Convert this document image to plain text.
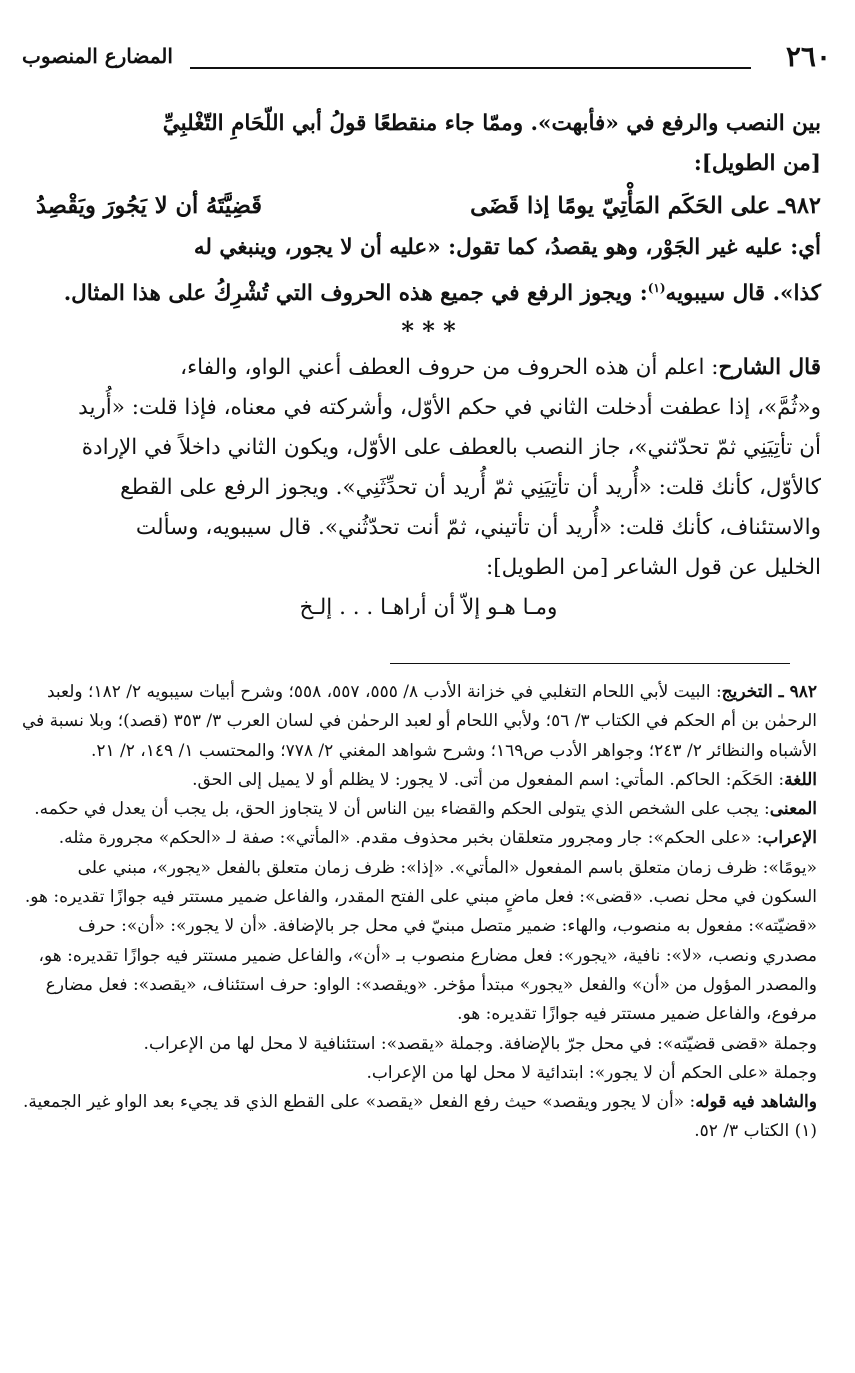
٢٦٠
المضارع المنصوب

بين النصب والرفع في «فأبهت». وممّا جاء منقطعًا قولُ أبي اللّحَامِ التّغْلبِيِّ

[من الطويل]:

٩٨٢ـ على الحَكَم المَأْتِيّ يومًا إذا قَضَى
قَضِيَّتَهُ أن لا يَجُورَ ويَقْصِدُ

أي: عليه غير الجَوْر، وهو يقصدُ، كما تقول: «عليه أن لا يجور، وينبغي له

كذا». قال سيبويه$^{(١)}$: ويجوز الرفع في جميع هذه الحروف التي تُشْرِكُ على هذا المثال.

* * *

قال الشارح: اعلم أن هذه الحروف من حروف العطف أعني الواو، والفاء،

و«ثُمَّ»، إذا عطفت أدخلت الثاني في حكم الأوّل، وأشركته في معناه، فإذا قلت: «أُريد

أن تأتِيَنِي ثمّ تحدّثني»، جاز النصب بالعطف على الأوّل، ويكون الثاني داخلاً في الإرادة

كالأوّل، كأنك قلت: «أُريد أن تأتِيَنِي ثمّ أُريد أن تحدِّثَنِي». ويجوز الرفع على القطع

والاستئناف، كأنك قلت: «أُريد أن تأتيني، ثمّ أنت تحدّثُني». قال سيبويه، وسألت

الخليل عن قول الشاعر [من الطويل]:

ومـا هـو إلاّ أن أراهـا . . . إلـخ

٩٨٢ ـ التخريج: البيت لأبي اللحام التغلبي في خزانة الأدب ٨/ ٥٥٥، ٥٥٧، ٥٥٨؛ وشرح أبيات سيبويه ٢/ ١٨٢؛ ولعبد الرحمٰن بن أم الحكم في الكتاب ٣/ ٥٦؛ ولأبي اللحام أو لعبد الرحمٰن في لسان العرب ٣/ ٣٥٣ (قصد)؛ وبلا نسبة في الأشباه والنظائر ٢/ ٢٤٣؛ وجواهر الأدب ص١٦٩؛ وشرح شواهد المغني ٢/ ٧٧٨؛ والمحتسب ١/ ١٤٩، ٢/ ٢١.

اللغة: الحَكَم: الحاكم. المأتي: اسم المفعول من أتى. لا يجور: لا يظلم أو لا يميل إلى الحق.

المعنى: يجب على الشخص الذي يتولى الحكم والقضاء بين الناس أن لا يتجاوز الحق، بل يجب أن يعدل في حكمه.

الإعراب: «على الحكم»: جار ومجرور متعلقان بخبر محذوف مقدم. «المأتي»: صفة لـ «الحكم» مجرورة مثله. «يومًا»: ظرف زمان متعلق باسم المفعول «المأتي». «إذا»: ظرف زمان متعلق بالفعل «يجور»، مبني على السكون في محل نصب. «قضى»: فعل ماضٍ مبني على الفتح المقدر، والفاعل ضمير مستتر فيه جوازًا تقديره: هو. «قضيّته»: مفعول به منصوب، والهاء: ضمير متصل مبنيّ في محل جر بالإضافة. «أن لا يجور»: «أن»: حرف مصدري ونصب، «لا»: نافية، «يجور»: فعل مضارع منصوب بـ «أن»، والفاعل ضمير مستتر فيه جوازًا تقديره: هو، والمصدر المؤول من «أن» والفعل «يجور» مبتدأ مؤخر. «ويقصد»: الواو: حرف استئناف، «يقصد»: فعل مضارع مرفوع، والفاعل ضمير مستتر فيه جوازًا تقديره: هو.

وجملة «قضى قضيّته»: في محل جرّ بالإضافة. وجملة «يقصد»: استئنافية لا محل لها من الإعراب.

وجملة «على الحكم أن لا يجور»: ابتدائية لا محل لها من الإعراب.

والشاهد فيه قوله: «أن لا يجور ويقصد» حيث رفع الفعل «يقصد» على القطع الذي قد يجيء بعد الواو غير الجمعية.

(١) الكتاب ٣/ ٥٢.
